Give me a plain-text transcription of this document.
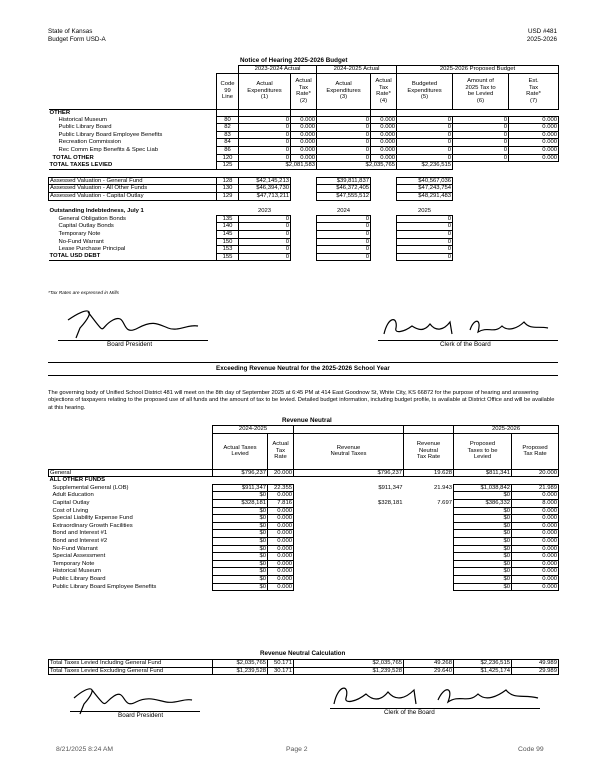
State of Kansas
Budget Form USD-A
USD #481
2025-2026
Notice of Hearing 2025-2026 Budget
		2023-2024 Actual		2024-2025 Actual		2025-2026 Proposed Budget		
	Code
99
Line	Actual
Expenditures
(1)	Actual
Tax
Rate*
(2)	Actual
Expenditures
(3)	Actual
Tax
Rate*
(4)	Budgeted
Expenditures
(5)	Amount of
2025 Tax to
be Levied
(6)	Est.
Tax
Rate*
(7)
OTHER								
Historical Museum	80	0	0.000	0	0.000	0	0	0.000
Public Library Board	82	0	0.000	0	0.000	0	0	0.000
Public Library Board Employee Benefits	83	0	0.000	0	0.000	0	0	0.000
Recreation Commission	84	0	0.000	0	0.000	0	0	0.000
Rec Comm Emp Benefits & Spec Liab	86	0	0.000	0	0.000	0	0	0.000
TOTAL OTHER	120	0	0.000	0	0.000	0	0	0.000
TOTAL TAXES LEVIED	125	$2,081,583		$2,035,765		$2,236,515		

Assessed Valuation - General Fund	128	$42,145,213		$39,811,837		$40,567,036		
Assessed Valuation - All Other Funds	130	$46,394,730		$46,372,405		$47,243,754		
Assessed Valuation - Capital Outlay	129	$47,713,211		$47,555,512		$48,291,483		

Outstanding Indebtedness, July 1		2023		2024		2025		
General Obligation Bonds	135	0		0		0		
Capital Outlay Bonds	140	0		0		0		
Temporary Note	145	0		0		0		
No-Fund Warrant	150	0		0		0		
Lease Purchase Principal	153	0		0		0		
TOTAL USD DEBT	155	0		0		0		
*Tax Rates are expressed in Mills
Board President	Clerk of the Board
Exceeding Revenue Neutral for the 2025-2026 School Year
The governing body of Unified School District 481 will meet on the 8th day of September 2025 at 6:45 PM at 414 East Goodnow St, White City, KS 66872 for the purpose of hearing and answering objections of taxpayers relating to the proposed use of all funds and the amount of tax to be levied. Detailed budget information, including budget profile, is available at District Office and will be available at this hearing.
Revenue Neutral
	2024-2025				2025-2026	
	Actual Taxes
Levied	Actual
Tax
Rate	Revenue
Neutral Taxes	Revenue
Neutral
Tax Rate	Proposed
Taxes to be
Levied	Proposed
Tax Rate
General	$796,237	20.000	$796,237	19.628	$811,341	20.000
ALL OTHER FUNDS						
Supplemental General (LOB)	$911,347	22.355	$911,347	21.943	$1,038,842	21.989
Adult Education	$0	0.000			$0	0.000
Capital Outlay	$328,181	7.816	$328,181	7.697	$386,332	8.000
Cost of Living	$0	0.000			$0	0.000
Special Liability Expense Fund	$0	0.000			$0	0.000
Extraordinary Growth Facilities	$0	0.000			$0	0.000
Bond and Interest #1	$0	0.000			$0	0.000
Bond and Interest #2	$0	0.000			$0	0.000
No-Fund Warrant	$0	0.000			$0	0.000
Special Assessment	$0	0.000			$0	0.000
Temporary Note	$0	0.000			$0	0.000
Historical Museum	$0	0.000			$0	0.000
Public Library Board	$0	0.000			$0	0.000
Public Library Board Employee Benefits	$0	0.000			$0	0.000
Revenue Neutral Calculation
Total Taxes Levied Including General Fund	$2,035,765	50.171	$2,035,765	49.268	$2,236,515	49.989
Total Taxes Levied Excluding General Fund	$1,239,528	30.171	$1,239,528	29.640	$1,425,174	29.989
Board President	Clerk of the Board
8/21/2025 8:24 AM	Page 2	Code 99
